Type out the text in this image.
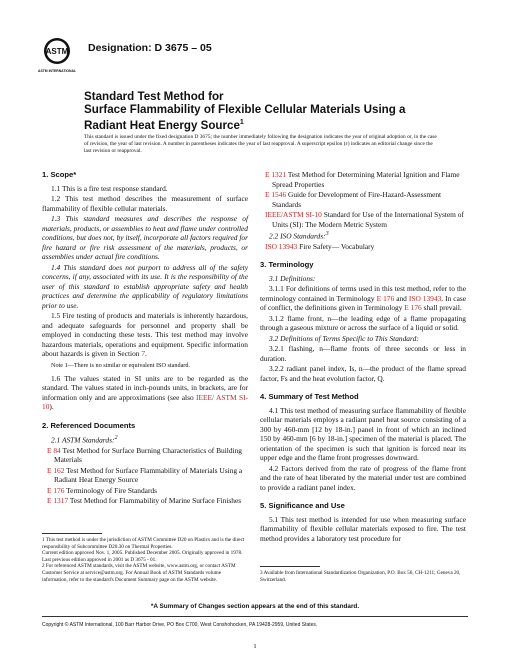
ASTM
ASTM INTERNATIONAL
Designation: D 3675 – 05
Standard Test Method for
Surface Flammability of Flexible Cellular Materials Using a
Radiant Heat Energy Source$^1$
This standard is issued under the fixed designation D 3675; the number immediately following the designation indicates the year of original adoption or, in the case of revision, the year of last revision. A number in parentheses indicates the year of last reapproval. A superscript epsilon (ε) indicates an editorial change since the last revision or reapproval.
1. Scope*

1.1 This is a fire test response standard.

1.2 This test method describes the measurement of surface flammability of flexible cellular materials.

1.3 This standard measures and describes the response of materials, products, or assemblies to heat and flame under controlled conditions, but does not, by itself, incorporate all factors required for fire hazard or fire risk assessment of the materials, products, or assemblies under actual fire conditions.

1.4 This standard does not purport to address all of the safety concerns, if any, associated with its use. It is the responsibility of the user of this standard to establish appropriate safety and health practices and determine the applicability of regulatory limitations prior to use.

1.5 Fire testing of products and materials is inherently hazardous, and adequate safeguards for personnel and property shall be employed in conducting these tests. This test method may involve hazardous materials, operations and equipment. Specific information about hazards is given in Section 7.

Note 1—There is no similar or equivalent ISO standard.

1.6 The values stated in SI units are to be regarded as the standard. The values stated in inch-pounds units, in brackets, are for information only and are approximations (see also IEEE/ ASTM SI-10).

2. Referenced Documents

2.1 ASTM Standards:$^2$

E 84 Test Method for Surface Burning Characteristics of Building Materials
E 162 Test Method for Surface Flammability of Materials Using a Radiant Heat Energy Source
E 176 Terminology of Fire Standards
E 1317 Test Method for Flammability of Marine Surface Finishes
1 This test method is under the jurisdiction of ASTM Committee D20 on Plastics and is the direct responsibility of Subcommittee D20.30 on Thermal Properties.
Current edition approved Nov. 1, 2005. Published December 2005. Originally approved in 1978. Last previous edition approved in 2001 as D 3675 - 01.
2 For referenced ASTM standards, visit the ASTM website, www.astm.org, or contact ASTM Customer Service at service@astm.org. For Annual Book of ASTM Standards volume information, refer to the standard's Document Summary page on the ASTM website.
E 1321 Test Method for Determining Material Ignition and Flame Spread Properties
E 1546 Guide for Development of Fire-Hazard-Assessment Standards
IEEE/ASTM SI-10 Standard for Use of the International System of Units (SI): The Modern Metric System

2.2 ISO Standards:$^3$

ISO 13943 Fire Safety— Vocabulary
3. Terminology

3.1 Definitions:

3.1.1 For definitions of terms used in this test method, refer to the terminology contained in Terminology E 176 and ISO 13943. In case of conflict, the definitions given in Terminology E 176 shall prevail.

3.1.2 flame front, n—the leading edge of a flame propagating through a gaseous mixture or across the surface of a liquid or solid.

3.2 Definitions of Terms Specific to This Standard:

3.2.1 flashing, n—flame fronts of three seconds or less in duration.

3.2.2 radiant panel index, Is, n—the product of the flame spread factor, Fs and the heat evolution factor, Q.

4. Summary of Test Method

4.1 This test method of measuring surface flammability of flexible cellular materials employs a radiant panel heat source consisting of a 300 by 460-mm [12 by 18-in.] panel in front of which an inclined 150 by 460-mm [6 by 18-in.] specimen of the material is placed. The orientation of the specimen is such that ignition is forced near its upper edge and the flame front progresses downward.

4.2 Factors derived from the rate of progress of the flame front and the rate of heat liberated by the material under test are combined to provide a radiant panel index.

5. Significance and Use

5.1 This test method is intended for use when measuring surface flammability of flexible cellular materials exposed to fire. The test method provides a laboratory test procedure for

3 Available from International Standardization Organization, P.O. Box 56, CH-1211; Geneva 20, Switzerland.
*A Summary of Changes section appears at the end of this standard.
Copyright © ASTM International, 100 Barr Harbor Drive, PO Box C700, West Conshohocken, PA 19428-2959, United States.
1
